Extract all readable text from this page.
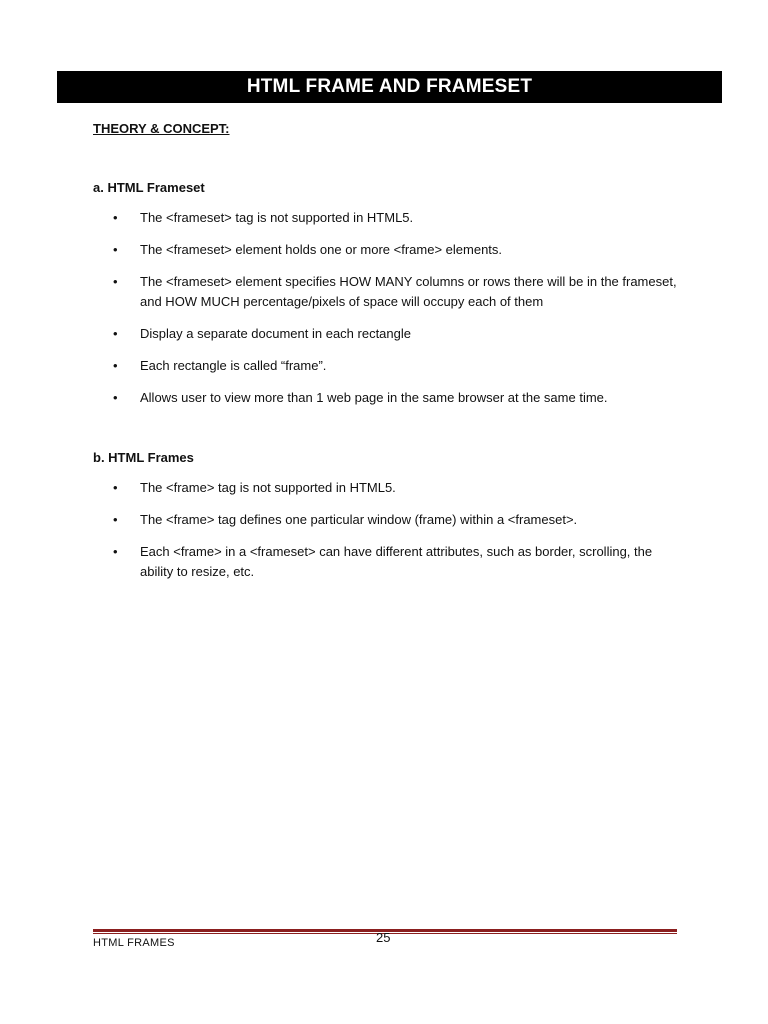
HTML FRAME AND FRAMESET
THEORY & CONCEPT:
a. HTML Frameset
• The <frameset> tag is not supported in HTML5.
• The <frameset> element holds one or more <frame> elements.
• The <frameset> element specifies HOW MANY columns or rows there will be in the frameset, and HOW MUCH percentage/pixels of space will occupy each of them
• Display a separate document in each rectangle
• Each rectangle is called “frame”.
• Allows user to view more than 1 web page in the same browser at the same time.
b. HTML Frames
• The <frame> tag is not supported in HTML5.
• The <frame> tag defines one particular window (frame) within a <frameset>.
• Each <frame> in a <frameset> can have different attributes, such as border, scrolling, the ability to resize, etc.
HTML FRAMES	25
